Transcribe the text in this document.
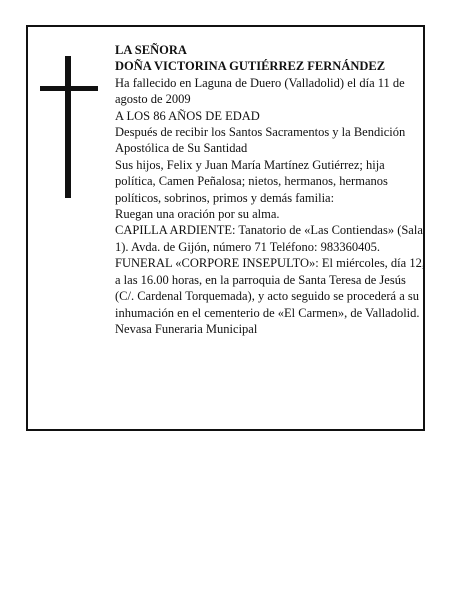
LA SEÑORA

DOÑA VICTORINA GUTIÉRREZ FERNÁNDEZ

Ha fallecido en Laguna de Duero (Valladolid) el día 11 de agosto de 2009

A LOS 86 AÑOS DE EDAD

Después de recibir los Santos Sacramentos y la Bendición Apostólica de Su Santidad

Sus hijos, Felix y Juan María Martínez Gutiérrez; hija política, Camen Peñalosa; nietos, hermanos, hermanos políticos, sobrinos, primos y demás familia:

Ruegan una oración por su alma.

CAPILLA ARDIENTE: Tanatorio de «Las Contiendas» (Sala 1). Avda. de Gijón, número 71 Teléfono: 983360405.

FUNERAL «CORPORE INSEPULTO»: El miércoles, día 12, a las 16.00 horas, en la parroquia de Santa Teresa de Jesús (C/. Cardenal Torquemada), y acto seguido se procederá a su inhumación en el cementerio de «El Carmen», de Valladolid.

Nevasa Funeraria Municipal
